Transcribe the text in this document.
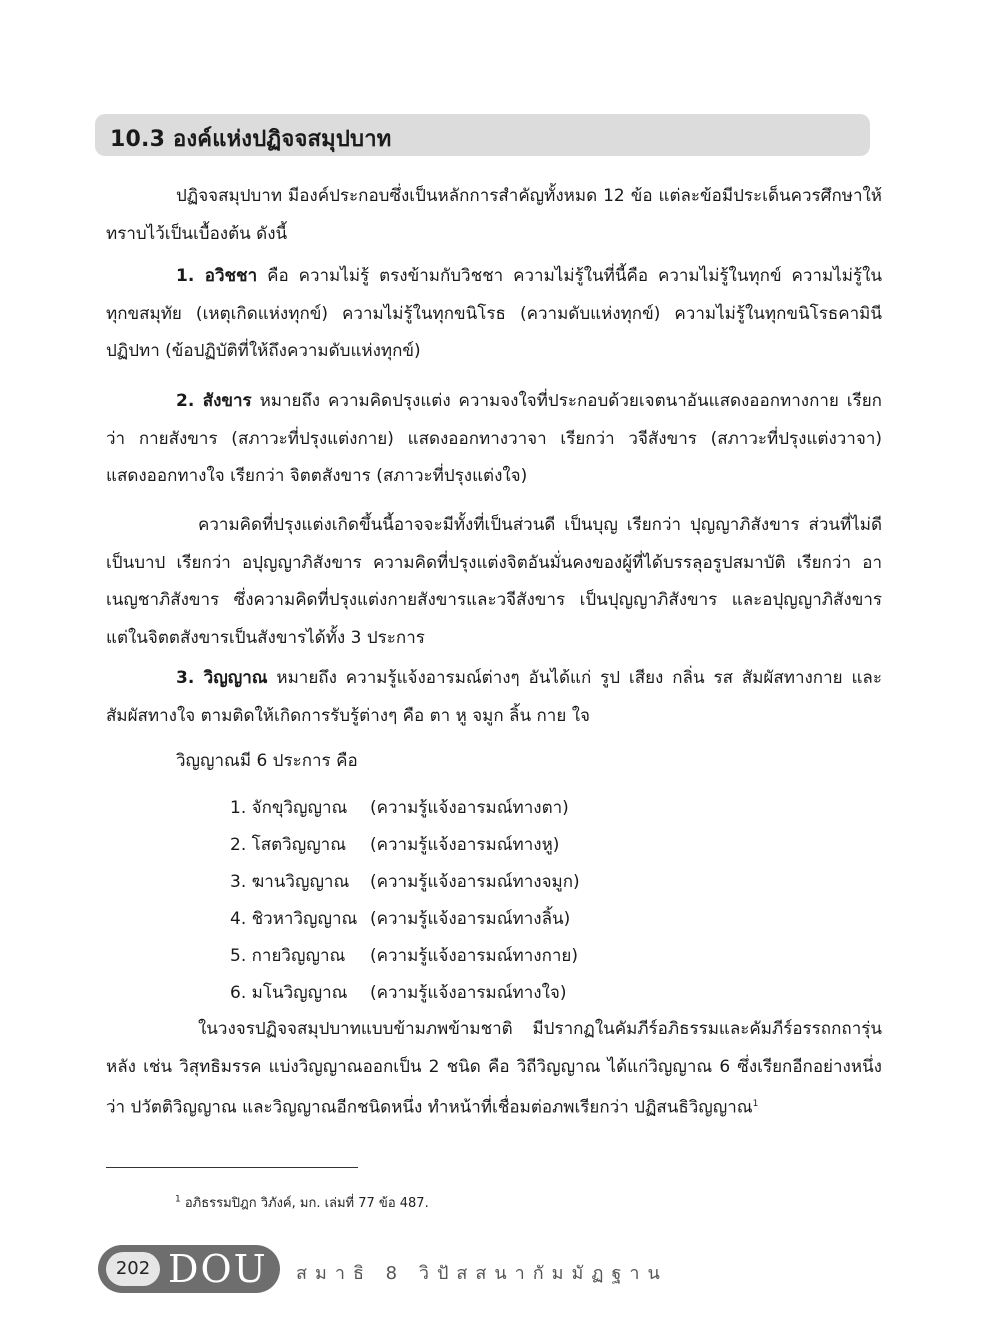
10.3 องค์แห่งปฏิจจสมุปบาท

ปฏิจจสมุปบาท มีองค์ประกอบซึ่งเป็นหลักการสำคัญทั้งหมด 12 ข้อ แต่ละข้อมีประเด็นควรศึกษาให้ทราบไว้เป็นเบื้องต้น ดังนี้

1. อวิชชา คือ ความไม่รู้ ตรงข้ามกับวิชชา ความไม่รู้ในที่นี้คือ ความไม่รู้ในทุกข์ ความไม่รู้ในทุกขสมุทัย (เหตุเกิดแห่งทุกข์) ความไม่รู้ในทุกขนิโรธ (ความดับแห่งทุกข์) ความไม่รู้ในทุกขนิโรธคามินีปฏิปทา (ข้อปฏิบัติที่ให้ถึงความดับแห่งทุกข์)

2. สังขาร หมายถึง ความคิดปรุงแต่ง ความจงใจที่ประกอบด้วยเจตนาอันแสดงออกทางกาย เรียกว่า กายสังขาร (สภาวะที่ปรุงแต่งกาย) แสดงออกทางวาจา เรียกว่า วจีสังขาร (สภาวะที่ปรุงแต่งวาจา) แสดงออกทางใจ เรียกว่า จิตตสังขาร (สภาวะที่ปรุงแต่งใจ)

ความคิดที่ปรุงแต่งเกิดขึ้นนี้อาจจะมีทั้งที่เป็นส่วนดี เป็นบุญ เรียกว่า ปุญญาภิสังขาร ส่วนที่ไม่ดี เป็นบาป เรียกว่า อปุญญาภิสังขาร ความคิดที่ปรุงแต่งจิตอันมั่นคงของผู้ที่ได้บรรลุอรูปสมาบัติ เรียกว่า อาเนญชาภิสังขาร ซึ่งความคิดที่ปรุงแต่งกายสังขารและวจีสังขาร เป็นปุญญาภิสังขาร และอปุญญาภิสังขาร แต่ในจิตตสังขารเป็นสังขารได้ทั้ง 3 ประการ

3. วิญญาณ หมายถึง ความรู้แจ้งอารมณ์ต่างๆ อันได้แก่ รูป เสียง กลิ่น รส สัมผัสทางกาย และสัมผัสทางใจ ตามติดให้เกิดการรับรู้ต่างๆ คือ ตา หู จมูก ลิ้น กาย ใจ

วิญญาณมี 6 ประการ คือ
1. จักขุวิญญาณ (ความรู้แจ้งอารมณ์ทางตา)
2. โสตวิญญาณ (ความรู้แจ้งอารมณ์ทางหู)
3. ฆานวิญญาณ (ความรู้แจ้งอารมณ์ทางจมูก)
4. ชิวหาวิญญาณ (ความรู้แจ้งอารมณ์ทางลิ้น)
5. กายวิญญาณ (ความรู้แจ้งอารมณ์ทางกาย)
6. มโนวิญญาณ (ความรู้แจ้งอารมณ์ทางใจ)

ในวงจรปฏิจจสมุปบาทแบบข้ามภพข้ามชาติ มีปรากฏในคัมภีร์อภิธรรมและคัมภีร์อรรถกถารุ่นหลัง เช่น วิสุทธิมรรค แบ่งวิญญาณออกเป็น 2 ชนิด คือ วิถีวิญญาณ ได้แก่วิญญาณ 6 ซึ่งเรียกอีกอย่างหนึ่งว่า ปวัตติวิญญาณ และวิญญาณอีกชนิดหนึ่ง ทำหน้าที่เชื่อมต่อภพเรียกว่า ปฏิสนธิวิญญาณ$^1$

$^1$ อภิธรรมปิฎก วิภังค์, มก. เล่มที่ 77 ข้อ 487.
202 DOU สมาธิ 8 วิปัสสนากัมมัฏฐาน
